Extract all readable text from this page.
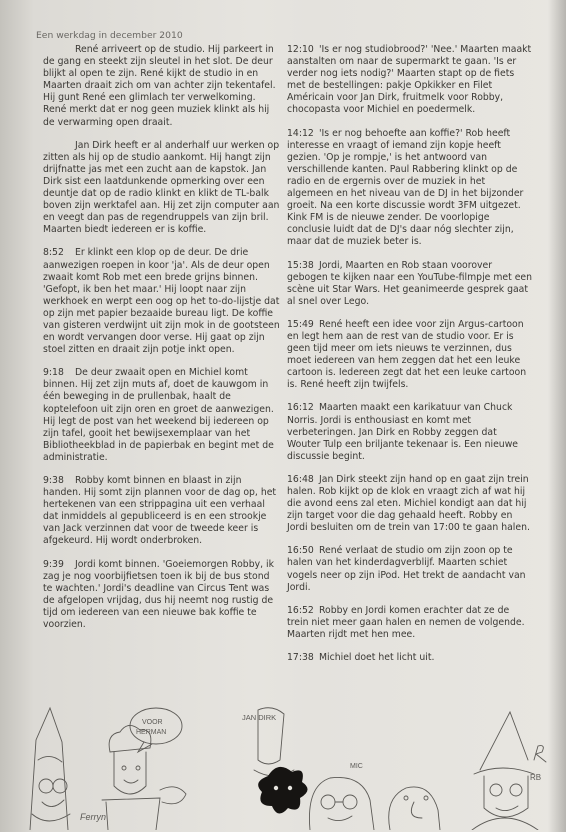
Een werkdag in december 2010

René arriveert op de studio. Hij parkeert in de gang en steekt zijn sleutel in het slot. De deur blijkt al open te zijn. René kijkt de studio in en Maarten draait zich om van achter zijn tekentafel. Hij gunt René een glimlach ter verwelkoming. René merkt dat er nog geen muziek klinkt als hij de verwarming open draait.

Jan Dirk heeft er al anderhalf uur werken op zitten als hij op de studio aankomt. Hij hangt zijn drijfnatte jas met een zucht aan de kapstok. Jan Dirk sist een laatdunkende opmerking over een deuntje dat op de radio klinkt en klikt de TL-balk boven zijn werktafel aan. Hij zet zijn computer aan en veegt dan pas de regendruppels van zijn bril. Maarten biedt iedereen er is koffie.

8:52 Er klinkt een klop op de deur. De drie aanwezigen roepen in koor 'ja'. Als de deur open zwaait komt Rob met een brede grijns binnen. 'Gefopt, ik ben het maar.' Hij loopt naar zijn werkhoek en werpt een oog op het to-do-lijstje dat op zijn met papier bezaaide bureau ligt. De koffie van gisteren verdwijnt uit zijn mok in de gootsteen en wordt vervangen door verse. Hij gaat op zijn stoel zitten en draait zijn potje inkt open.

9:18 De deur zwaait open en Michiel komt binnen. Hij zet zijn muts af, doet de kauwgom in één beweging in de prullenbak, haalt de koptelefoon uit zijn oren en groet de aanwezigen. Hij legt de post van het weekend bij iedereen op zijn tafel, gooit het bewijsexemplaar van het Bibliotheekblad in de papierbak en begint met de administratie.

9:38 Robby komt binnen en blaast in zijn handen. Hij somt zijn plannen voor de dag op, het hertekenen van een strippagina uit een verhaal dat inmiddels al gepubliceerd is en een strookje van Jack verzinnen dat voor de tweede keer is afgekeurd. Hij wordt onderbroken.

9:39 Jordi komt binnen. 'Goeiemorgen Robby, ik zag je nog voorbijfietsen toen ik bij de bus stond te wachten.' Jordi's deadline van Circus Tent was de afgelopen vrijdag, dus hij neemt nog rustig de tijd om iedereen van een nieuwe bak koffie te voorzien.

12:10 'Is er nog studiobrood?' 'Nee.' Maarten maakt aanstalten om naar de supermarkt te gaan. 'Is er verder nog iets nodig?' Maarten stapt op de fiets met de bestellingen: pakje Opkikker en Filet Américain voor Jan Dirk, fruitmelk voor Robby, chocopasta voor Michiel en poedermelk.

14:12 'Is er nog behoefte aan koffie?' Rob heeft interesse en vraagt of iemand zijn kopje heeft gezien. 'Op je rompje,' is het antwoord van verschillende kanten. Paul Rabbering klinkt op de radio en de ergernis over de muziek in het algemeen en het niveau van de DJ in het bijzonder groeit. Na een korte discussie wordt 3FM uitgezet. Kink FM is de nieuwe zender. De voorlopige conclusie luidt dat de DJ's daar nóg slechter zijn, maar dat de muziek beter is.

15:38 Jordi, Maarten en Rob staan voorover gebogen te kijken naar een YouTube-filmpje met een scène uit Star Wars. Het geanimeerde gesprek gaat al snel over Lego.

15:49 René heeft een idee voor zijn Argus-cartoon en legt hem aan de rest van de studio voor. Er is geen tijd meer om iets nieuws te verzinnen, dus moet iedereen van hem zeggen dat het een leuke cartoon is. Iedereen zegt dat het een leuke cartoon is. René heeft zijn twijfels.

16:12 Maarten maakt een karikatuur van Chuck Norris. Jordi is enthousiast en komt met verbeteringen. Jan Dirk en Robby zeggen dat Wouter Tulp een briljante tekenaar is. Een nieuwe discussie begint.

16:48 Jan Dirk steekt zijn hand op en gaat zijn trein halen. Rob kijkt op de klok en vraagt zich af wat hij die avond eens zal eten. Michiel kondigt aan dat hij zijn target voor die dag gehaald heeft. Robby en Jordi besluiten om de trein van 17:00 te gaan halen.

16:50 René verlaat de studio om zijn zoon op te halen van het kinderdagverblijf. Maarten schiet vogels neer op zijn iPod. Het trekt de aandacht van Jordi.

16:52 Robby en Jordi komen erachter dat ze de trein niet meer gaan halen en nemen de volgende. Maarten rijdt met hen mee.

17:38 Michiel doet het licht uit.

VOOR
HERMAN
JAN DIRK
Ferryn
MIC
RB
